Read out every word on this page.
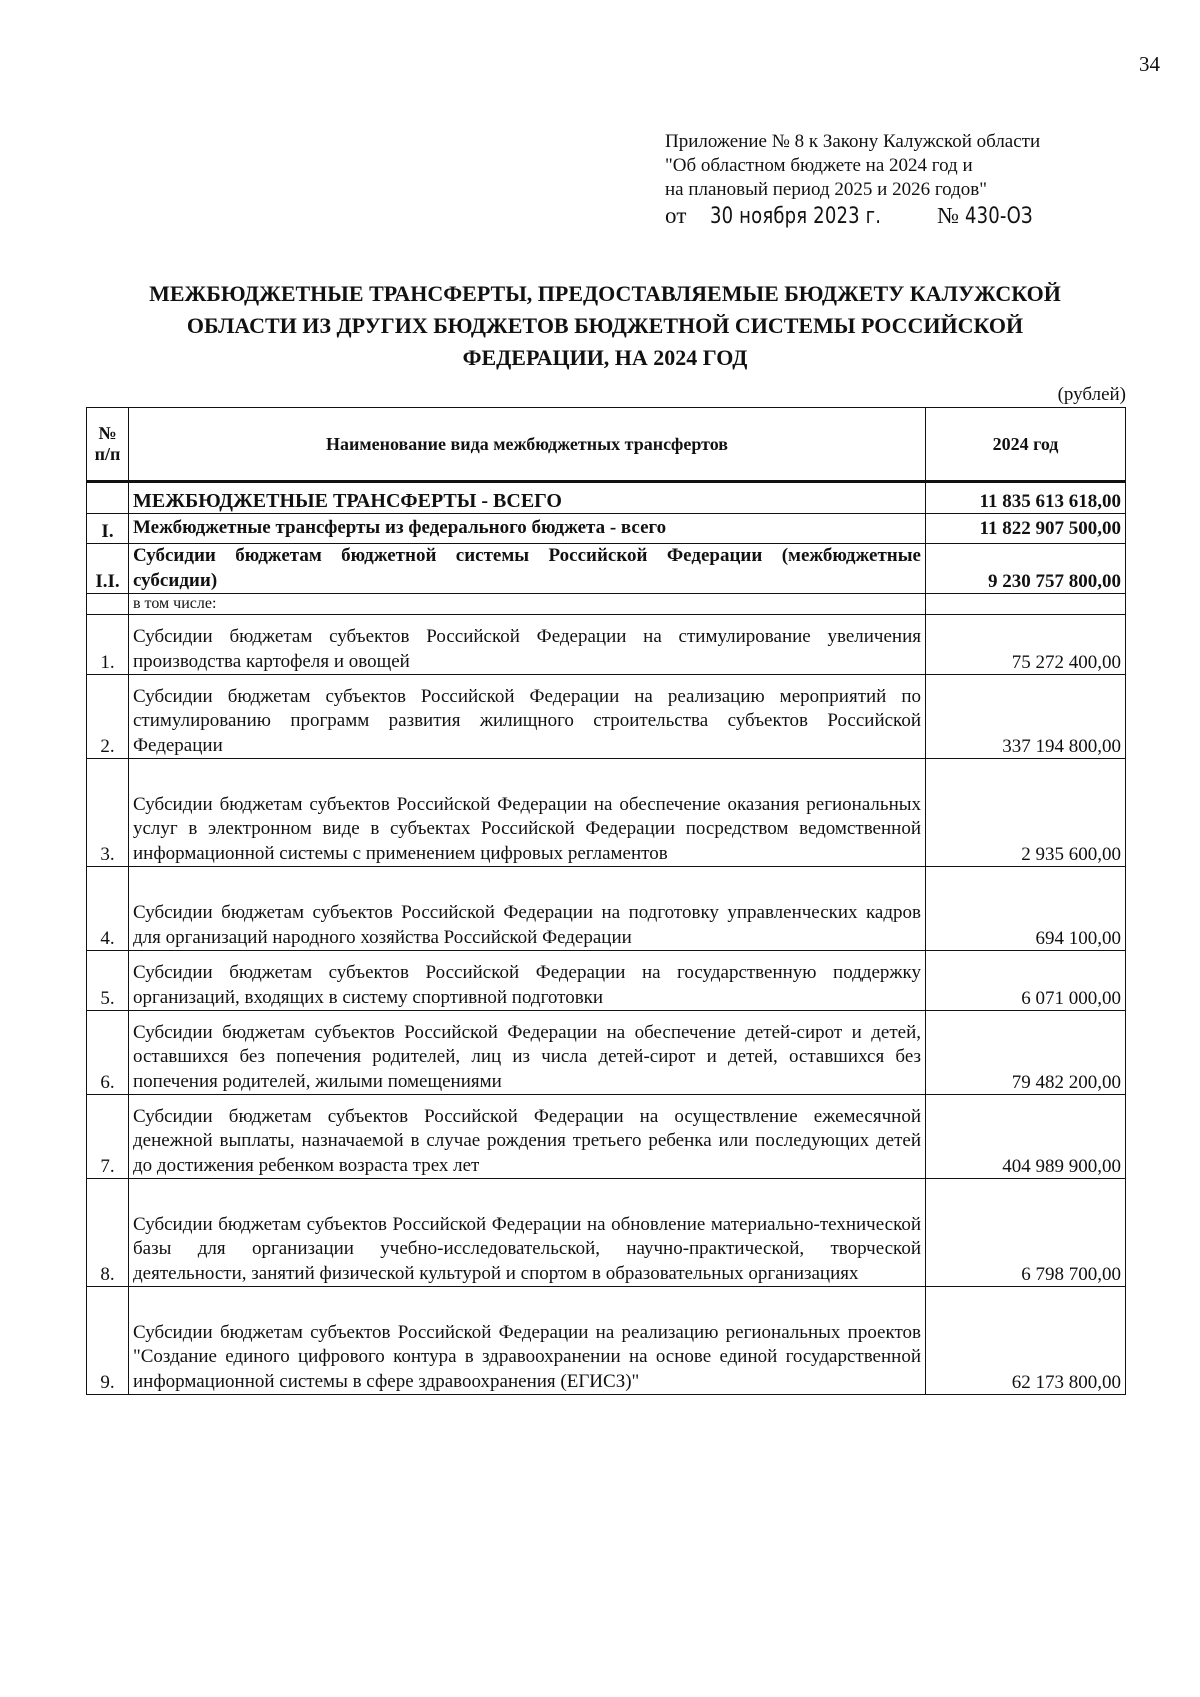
34
Приложение № 8 к Закону Калужской области
"Об областном бюджете на 2024 год и
на плановый период 2025 и 2026 годов"
от 30 ноября 2023 г. № 430-ОЗ
МЕЖБЮДЖЕТНЫЕ ТРАНСФЕРТЫ, ПРЕДОСТАВЛЯЕМЫЕ БЮДЖЕТУ КАЛУЖСКОЙ
ОБЛАСТИ ИЗ ДРУГИХ БЮДЖЕТОВ БЮДЖЕТНОЙ СИСТЕМЫ РОССИЙСКОЙ
ФЕДЕРАЦИИ, НА 2024 ГОД
(рублей)
№ п/п	Наименование вида межбюджетных трансфертов	2024 год
	МЕЖБЮДЖЕТНЫЕ ТРАНСФЕРТЫ - ВСЕГО	11 835 613 618,00
I.	Межбюджетные трансферты из федерального бюджета - всего	11 822 907 500,00
I.I.	Субсидии бюджетам бюджетной системы Российской Федерации (межбюджетные субсидии)	9 230 757 800,00
	в том числе:	
1.	Субсидии бюджетам субъектов Российской Федерации на стимулирование увеличения производства картофеля и овощей	75 272 400,00
2.	Субсидии бюджетам субъектов Российской Федерации на реализацию мероприятий по стимулированию программ развития жилищного строительства субъектов Российской Федерации	337 194 800,00
3.	Субсидии бюджетам субъектов Российской Федерации на обеспечение оказания региональных услуг в электронном виде в субъектах Российской Федерации посредством ведомственной информационной системы с применением цифровых регламентов	2 935 600,00
4.	Субсидии бюджетам субъектов Российской Федерации на подготовку управленческих кадров для организаций народного хозяйства Российской Федерации	694 100,00
5.	Субсидии бюджетам субъектов Российской Федерации на государственную поддержку организаций, входящих в систему спортивной подготовки	6 071 000,00
6.	Субсидии бюджетам субъектов Российской Федерации на обеспечение детей-сирот и детей, оставшихся без попечения родителей, лиц из числа детей-сирот и детей, оставшихся без попечения родителей, жилыми помещениями	79 482 200,00
7.	Субсидии бюджетам субъектов Российской Федерации на осуществление ежемесячной денежной выплаты, назначаемой в случае рождения третьего ребенка или последующих детей до достижения ребенком возраста трех лет	404 989 900,00
8.	Субсидии бюджетам субъектов Российской Федерации на обновление материально-технической базы для организации учебно-исследовательской, научно-практической, творческой деятельности, занятий физической культурой и спортом в образовательных организациях	6 798 700,00
9.	Субсидии бюджетам субъектов Российской Федерации на реализацию региональных проектов "Создание единого цифрового контура в здравоохранении на основе единой государственной информационной системы в сфере здравоохранения (ЕГИСЗ)"	62 173 800,00
